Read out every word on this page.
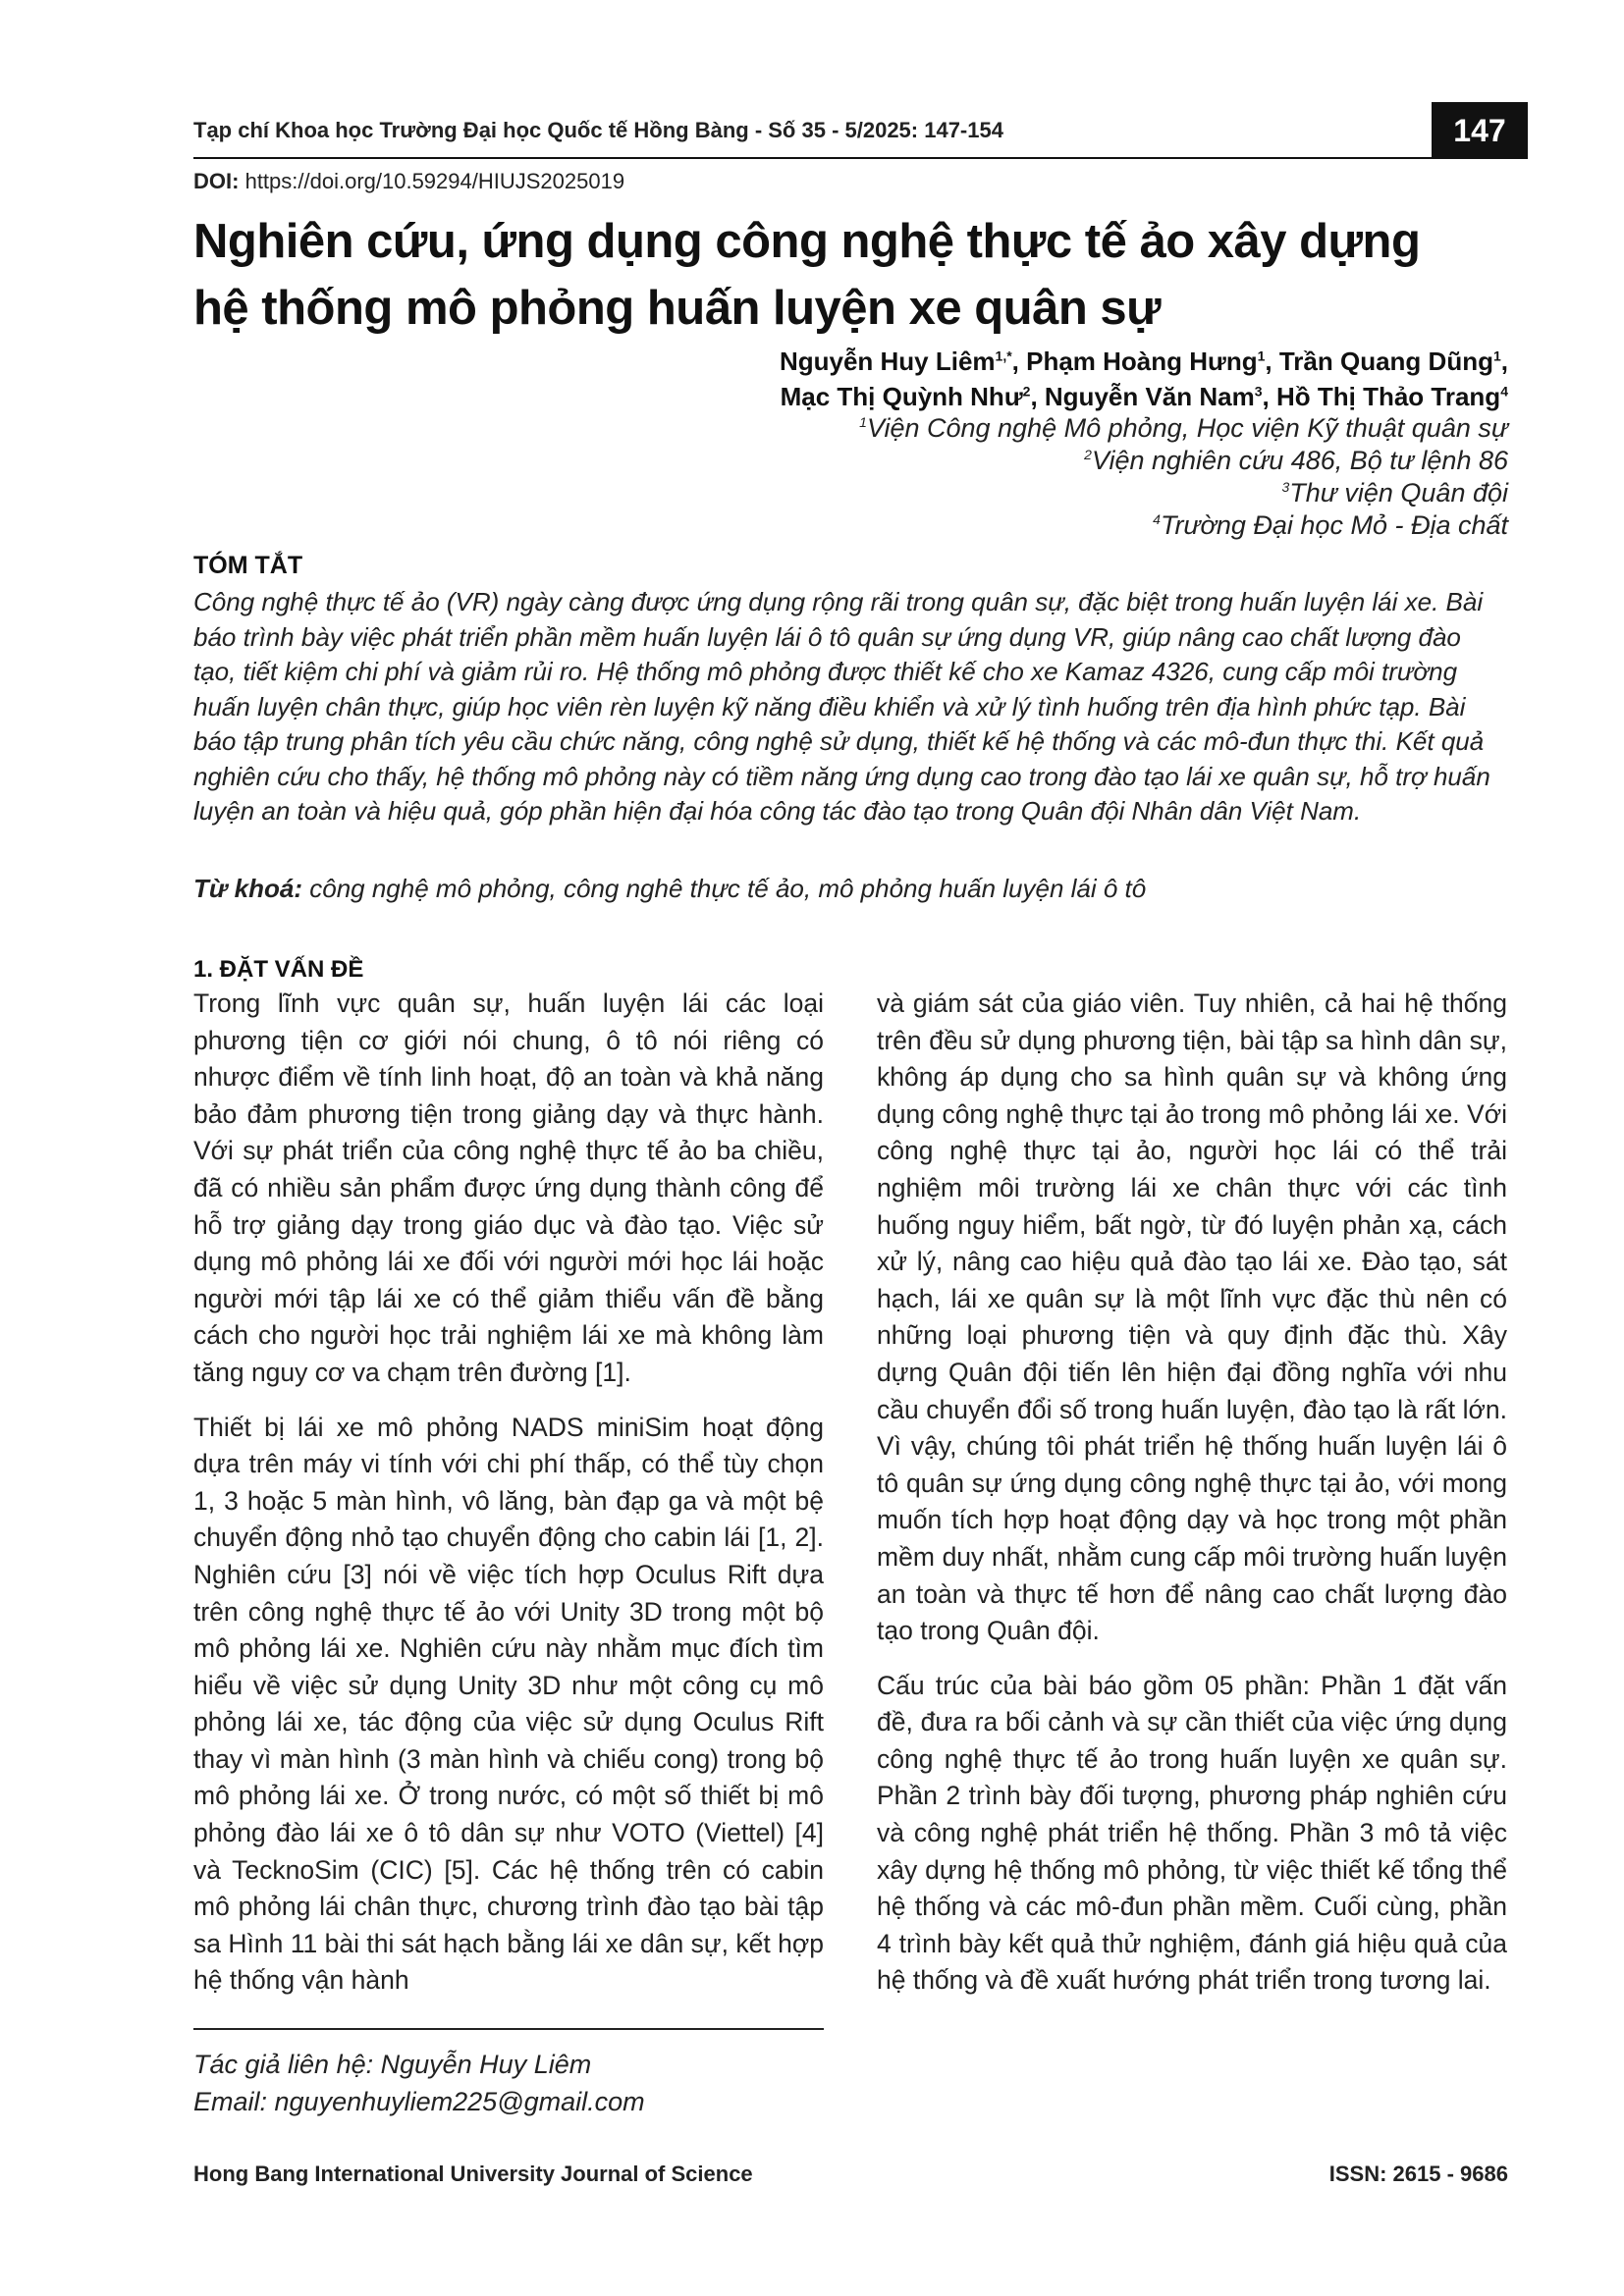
Tạp chí Khoa học Trường Đại học Quốc tế Hồng Bàng - Số 35 - 5/2025: 147-154	147
DOI: https://doi.org/10.59294/HIUJS2025019
Nghiên cứu, ứng dụng công nghệ thực tế ảo xây dựng
hệ thống mô phỏng huấn luyện xe quân sự
Nguyễn Huy Liêm$^{1,*}$, Phạm Hoàng Hưng$^1$, Trần Quang Dũng$^1$,
Mạc Thị Quỳnh Như$^2$, Nguyễn Văn Nam$^3$, Hồ Thị Thảo Trang$^4$
$^1$Viện Công nghệ Mô phỏng, Học viện Kỹ thuật quân sự
$^2$Viện nghiên cứu 486, Bộ tư lệnh 86
$^3$Thư viện Quân đội
$^4$Trường Đại học Mỏ - Địa chất
TÓM TẮT
Công nghệ thực tế ảo (VR) ngày càng được ứng dụng rộng rãi trong quân sự, đặc biệt trong huấn luyện lái xe. Bài báo trình bày việc phát triển phần mềm huấn luyện lái ô tô quân sự ứng dụng VR, giúp nâng cao chất lượng đào tạo, tiết kiệm chi phí và giảm rủi ro. Hệ thống mô phỏng được thiết kế cho xe Kamaz 4326, cung cấp môi trường huấn luyện chân thực, giúp học viên rèn luyện kỹ năng điều khiển và xử lý tình huống trên địa hình phức tạp. Bài báo tập trung phân tích yêu cầu chức năng, công nghệ sử dụng, thiết kế hệ thống và các mô-đun thực thi. Kết quả nghiên cứu cho thấy, hệ thống mô phỏng này có tiềm năng ứng dụng cao trong đào tạo lái xe quân sự, hỗ trợ huấn luyện an toàn và hiệu quả, góp phần hiện đại hóa công tác đào tạo trong Quân đội Nhân dân Việt Nam.
Từ khoá: công nghệ mô phỏng, công nghê thực tế ảo, mô phỏng huấn luyện lái ô tô
1. ĐẶT VẤN ĐỀ

Trong lĩnh vực quân sự, huấn luyện lái các loại phương tiện cơ giới nói chung, ô tô nói riêng có nhược điểm về tính linh hoạt, độ an toàn và khả năng bảo đảm phương tiện trong giảng dạy và thực hành. Với sự phát triển của công nghệ thực tế ảo ba chiều, đã có nhiều sản phẩm được ứng dụng thành công để hỗ trợ giảng dạy trong giáo dục và đào tạo. Việc sử dụng mô phỏng lái xe đối với người mới học lái hoặc người mới tập lái xe có thể giảm thiểu vấn đề bằng cách cho người học trải nghiệm lái xe mà không làm tăng nguy cơ va chạm trên đường [1].

Thiết bị lái xe mô phỏng NADS miniSim hoạt động dựa trên máy vi tính với chi phí thấp, có thể tùy chọn 1, 3 hoặc 5 màn hình, vô lăng, bàn đạp ga và một bệ chuyển động nhỏ tạo chuyển động cho cabin lái [1, 2]. Nghiên cứu [3] nói về việc tích hợp Oculus Rift dựa trên công nghệ thực tế ảo với Unity 3D trong một bộ mô phỏng lái xe. Nghiên cứu này nhằm mục đích tìm hiểu về việc sử dụng Unity 3D như một công cụ mô phỏng lái xe, tác động của việc sử dụng Oculus Rift thay vì màn hình (3 màn hình và chiếu cong) trong bộ mô phỏng lái xe. Ở trong nước, có một số thiết bị mô phỏng đào lái xe ô tô dân sự như VOTO (Viettel) [4] và TecknoSim (CIC) [5]. Các hệ thống trên có cabin mô phỏng lái chân thực, chương trình đào tạo bài tập sa Hình 11 bài thi sát hạch bằng lái xe dân sự, kết hợp hệ thống vận hành

và giám sát của giáo viên. Tuy nhiên, cả hai hệ thống trên đều sử dụng phương tiện, bài tập sa hình dân sự, không áp dụng cho sa hình quân sự và không ứng dụng công nghệ thực tại ảo trong mô phỏng lái xe. Với công nghệ thực tại ảo, người học lái có thể trải nghiệm môi trường lái xe chân thực với các tình huống nguy hiểm, bất ngờ, từ đó luyện phản xạ, cách xử lý, nâng cao hiệu quả đào tạo lái xe. Đào tạo, sát hạch, lái xe quân sự là một lĩnh vực đặc thù nên có những loại phương tiện và quy định đặc thù. Xây dựng Quân đội tiến lên hiện đại đồng nghĩa với nhu cầu chuyển đổi số trong huấn luyện, đào tạo là rất lớn. Vì vậy, chúng tôi phát triển hệ thống huấn luyện lái ô tô quân sự ứng dụng công nghệ thực tại ảo, với mong muốn tích hợp hoạt động dạy và học trong một phần mềm duy nhất, nhằm cung cấp môi trường huấn luyện an toàn và thực tế hơn để nâng cao chất lượng đào tạo trong Quân đội.

Cấu trúc của bài báo gồm 05 phần: Phần 1 đặt vấn đề, đưa ra bối cảnh và sự cần thiết của việc ứng dụng công nghệ thực tế ảo trong huấn luyện xe quân sự. Phần 2 trình bày đối tượng, phương pháp nghiên cứu và công nghệ phát triển hệ thống. Phần 3 mô tả việc xây dựng hệ thống mô phỏng, từ việc thiết kế tổng thể hệ thống và các mô-đun phần mềm. Cuối cùng, phần 4 trình bày kết quả thử nghiệm, đánh giá hiệu quả của hệ thống và đề xuất hướng phát triển trong tương lai.

Tác giả liên hệ: Nguyễn Huy Liêm
Email: nguyenhuyliem225@gmail.com
Hong Bang International University Journal of Science	ISSN: 2615 - 9686
